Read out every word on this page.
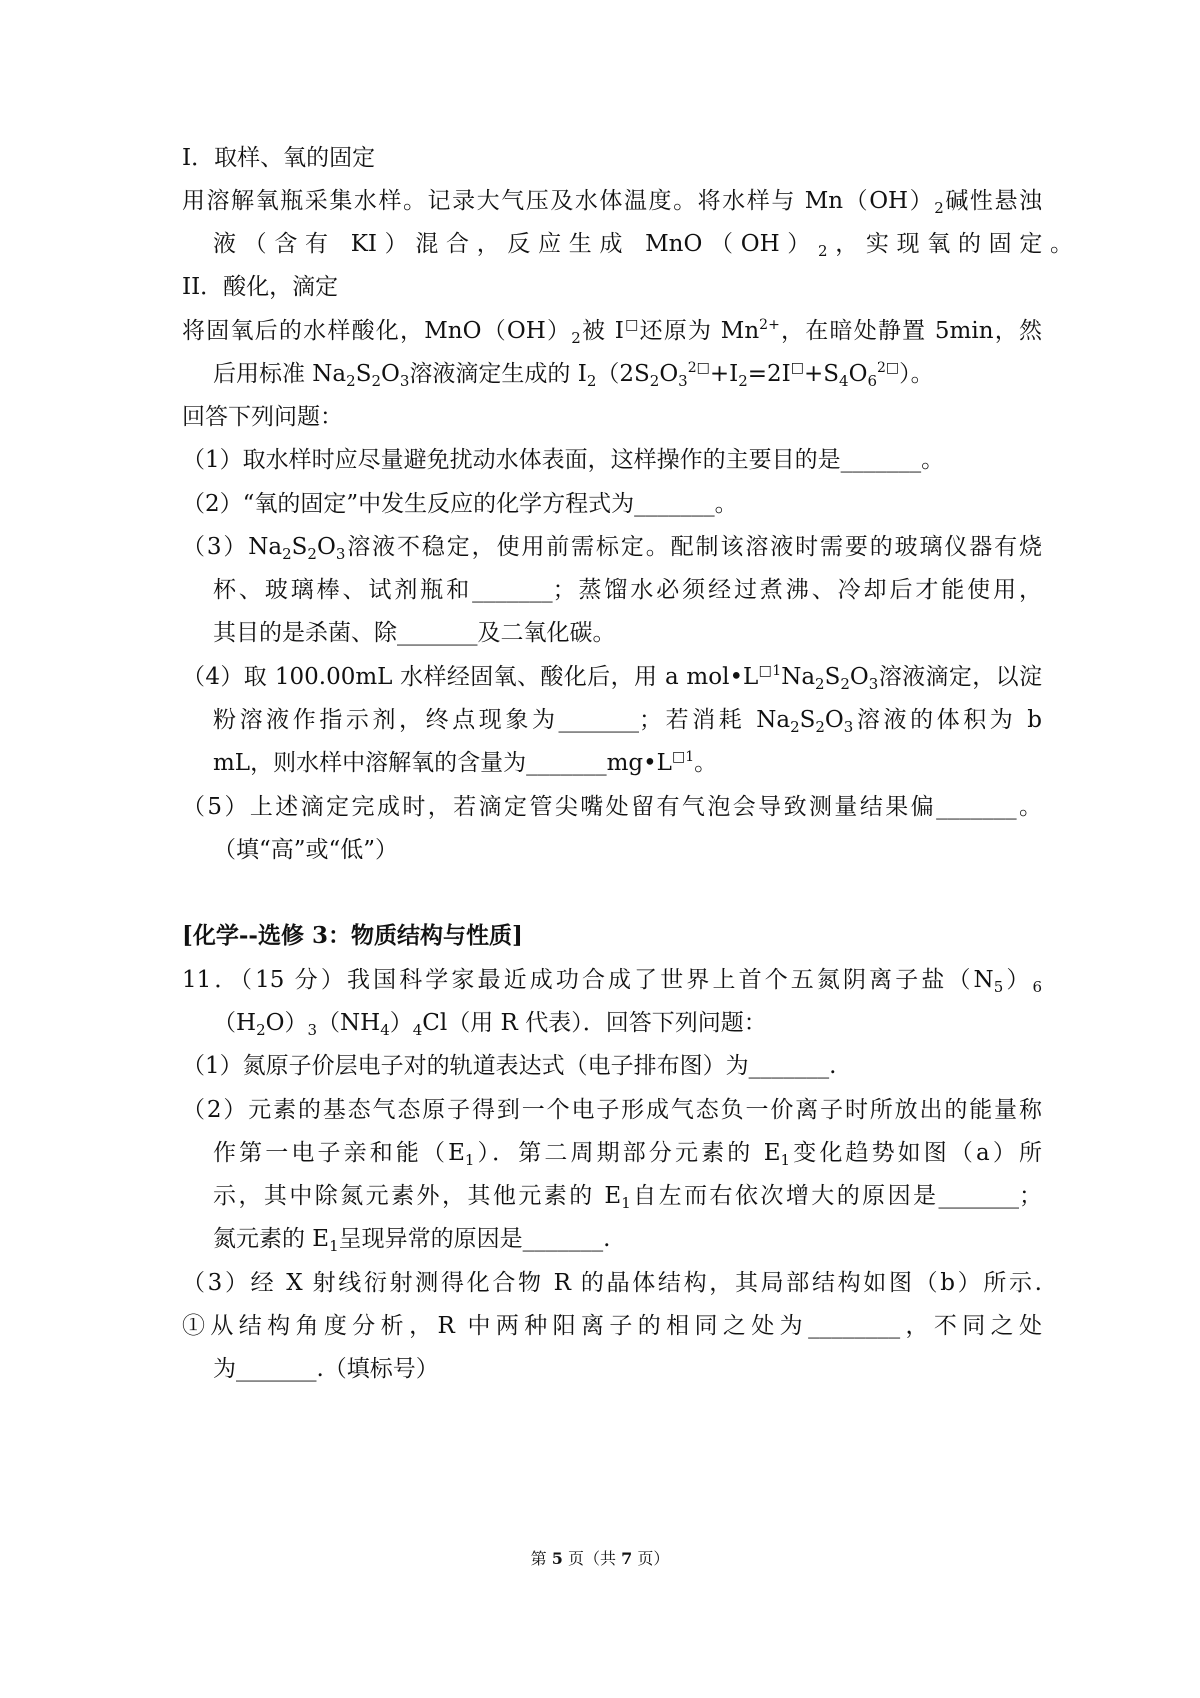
I．取样、氧的固定
用溶解氧瓶采集水样。记录大气压及水体温度。将水样与 $Mn(OH)_2$碱性悬浊
液（含有 KI）混合，反应生成 $MnO(OH)_2$，实现氧的固定。
II．酸化，滴定
将固氧后的水样酸化，$MnO(OH)_2$被 I□还原为 $Mn^{2+}$，在暗处静置 5min，然
后用标准 $Na_2S_2O_3$溶液滴定生成的 $I_2(2S_2O_3^{2□}+I_2=2I^□+S_4O_6^{2□})$。
回答下列问题：
（1）取水样时应尽量避免扰动水体表面，这样操作的主要目的是_______。
（2）“氧的固定”中发生反应的化学方程式为_______。
$(3)Na_2S_2O_3$溶液不稳定，使用前需标定。配制该溶液时需要的玻璃仪器有烧
杯、玻璃棒、试剂瓶和_______；蒸馏水必须经过煮沸、冷却后才能使用，
其目的是杀菌、除_______及二氧化碳。
（4）取 100.00mL 水样经固氧、酸化后，用 a $mol•L^{□1}Na_2S_2O_3$溶液滴定，以淀
粉溶液作指示剂，终点现象为_______；若消耗 $Na_2S_2O_3$溶液的体积为 b
mL，则水样中溶解氧的含量为$\_\_\_\_\_\_\_mg•L^{□1}$。
（5）上述滴定完成时，若滴定管尖嘴处留有气泡会导致测量结果偏_______。
（填“高”或“低”）
[化学--选修 3：物质结构与性质]
11．（15 分）我国科学家最近成功合成了世界上首个五氮阴离子盐$(N_5)_6$
$(H_2O)_3(NH_4)_4Cl$（用 R 代表）．回答下列问题：
（1）氮原子价层电子对的轨道表达式（电子排布图）为_______.
（2）元素的基态气态原子得到一个电子形成气态负一价离子时所放出的能量称
作第一电子亲和能$(E_1)$．第二周期部分元素的 $E_1$变化趋势如图（a）所
示，其中除氮元素外，其他元素的 $E_1$自左而右依次增大的原因是_______；
氮元素的 $E_1$呈现异常的原因是_______.
（3）经 X 射线衍射测得化合物 R 的晶体结构，其局部结构如图（b）所示.
①从结构角度分析，R 中两种阳离子的相同之处为________，不同之处
为_______.（填标号）
第 5 页（共 7 页）
